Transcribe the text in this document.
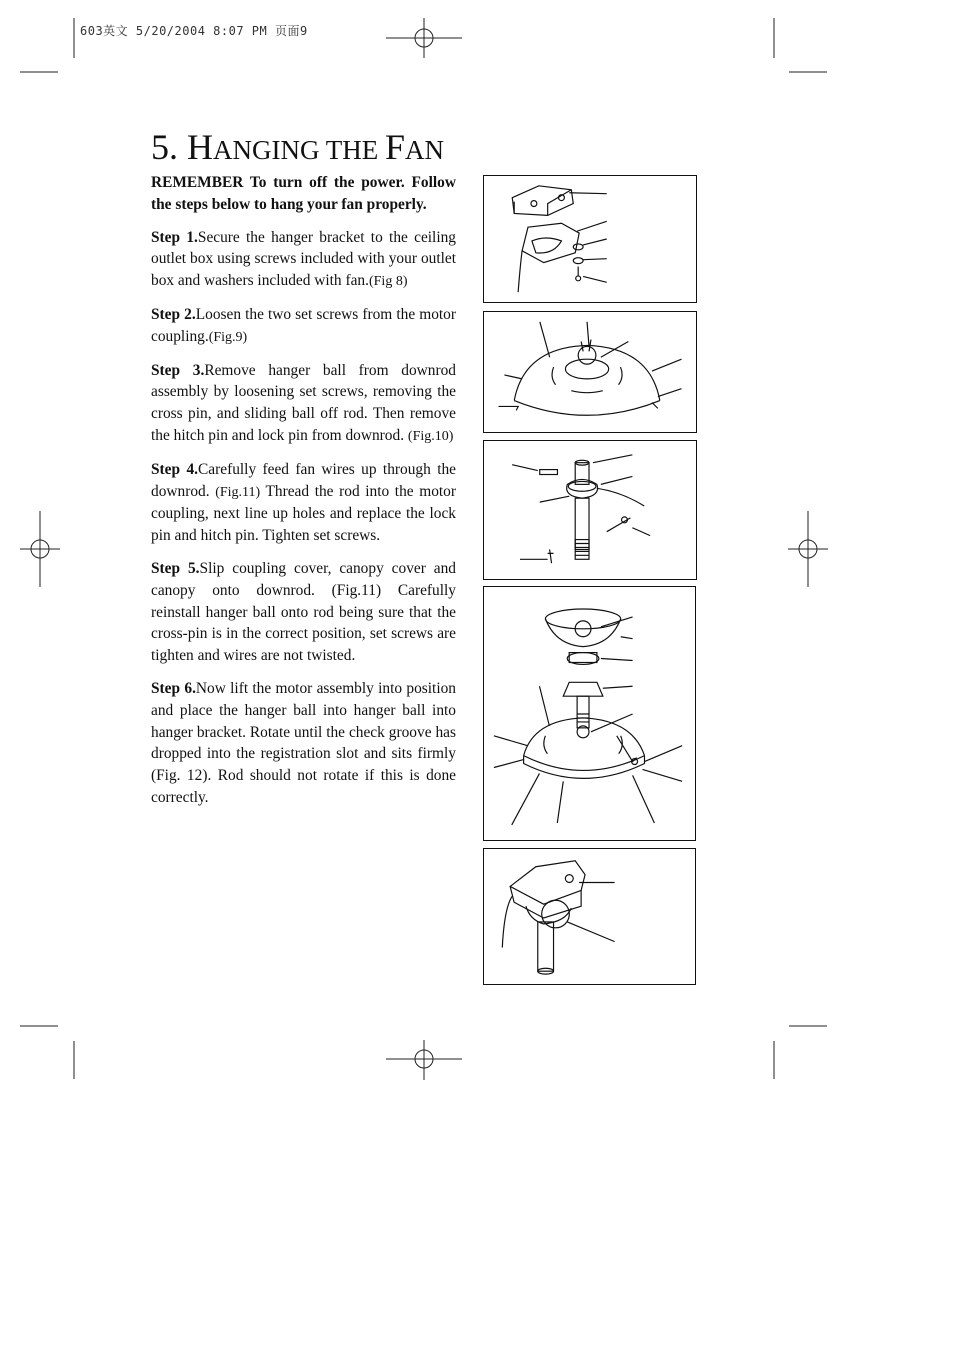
603英文 5/20/2004 8:07 PM 页面9
5. HANGING THE FAN

REMEMBER To turn off the power. Follow the steps below to hang your fan properly.

Step 1.Secure the hanger bracket to the ceiling outlet box using screws included with your outlet box and washers included with fan.(Fig 8)

Step 2.Loosen the two set screws from the motor coupling.(Fig.9)

Step 3.Remove hanger ball from downrod assembly by loosening set screws, removing the cross pin, and sliding ball off rod. Then remove the hitch pin and lock pin from downrod. (Fig.10)

Step 4.Carefully feed fan wires up through the downrod. (Fig.11) Thread the rod into the motor coupling, next line up holes and replace the lock pin and hitch pin. Tighten set screws.

Step 5.Slip coupling cover, canopy cover and canopy onto downrod. (Fig.11) Carefully reinstall hanger ball onto rod being sure that the cross-pin is in the correct position, set screws are tighten and wires are not twisted.

Step 6.Now lift the motor assembly into position and place the hanger ball into hanger ball into hanger bracket. Rotate until the check groove has dropped into the registration slot and sits firmly (Fig. 12). Rod should not rotate if this is done correctly.
